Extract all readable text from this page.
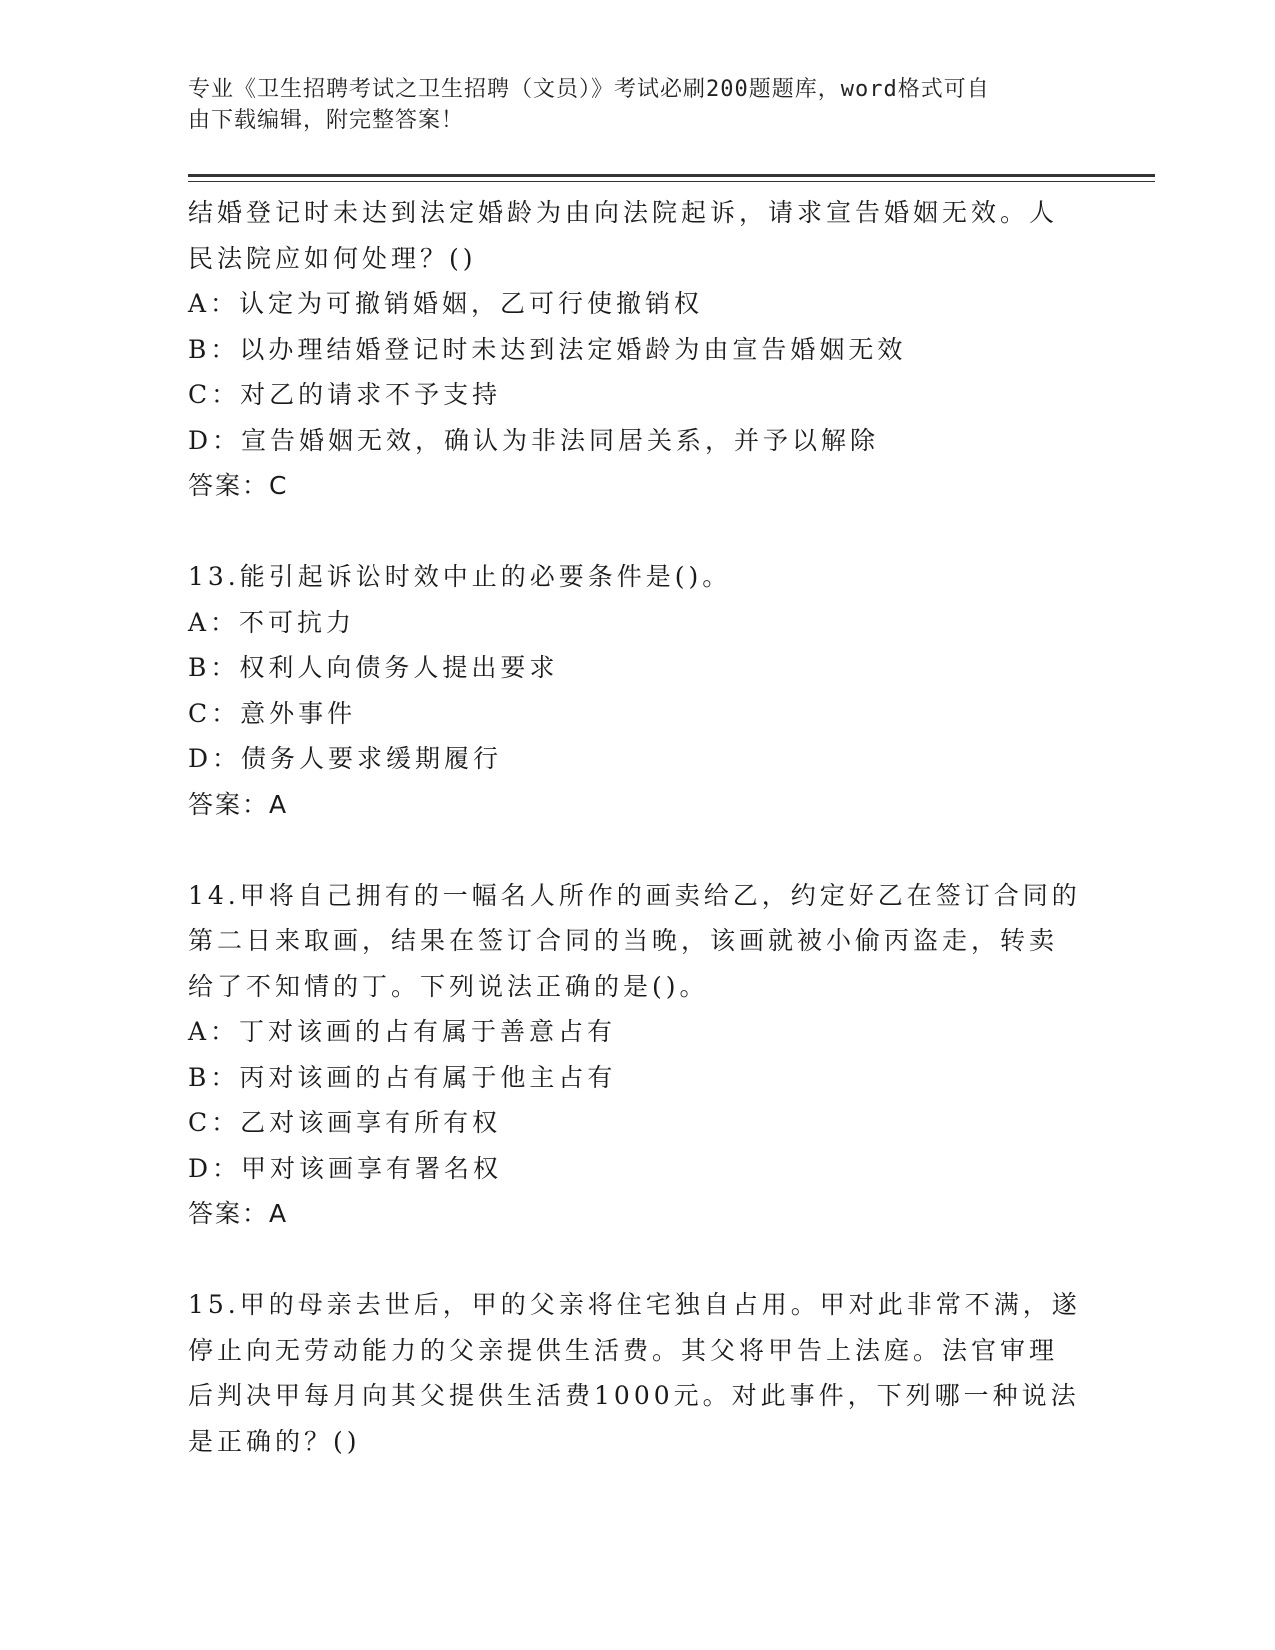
专业《卫生招聘考试之卫生招聘（文员）》考试必刷200题题库，word格式可自
由下载编辑，附完整答案！
结婚登记时未达到法定婚龄为由向法院起诉，请求宣告婚姻无效。人
民法院应如何处理？()
A：认定为可撤销婚姻，乙可行使撤销权
B：以办理结婚登记时未达到法定婚龄为由宣告婚姻无效
C：对乙的请求不予支持
D：宣告婚姻无效，确认为非法同居关系，并予以解除
答案：C
13.能引起诉讼时效中止的必要条件是()。
A：不可抗力
B：权利人向债务人提出要求
C：意外事件
D：债务人要求缓期履行
答案：A
14.甲将自己拥有的一幅名人所作的画卖给乙，约定好乙在签订合同的
第二日来取画，结果在签订合同的当晚，该画就被小偷丙盗走，转卖
给了不知情的丁。下列说法正确的是()。
A：丁对该画的占有属于善意占有
B：丙对该画的占有属于他主占有
C：乙对该画享有所有权
D：甲对该画享有署名权
答案：A
15.甲的母亲去世后，甲的父亲将住宅独自占用。甲对此非常不满，遂
停止向无劳动能力的父亲提供生活费。其父将甲告上法庭。法官审理
后判决甲每月向其父提供生活费1000元。对此事件，下列哪一种说法
是正确的？()
